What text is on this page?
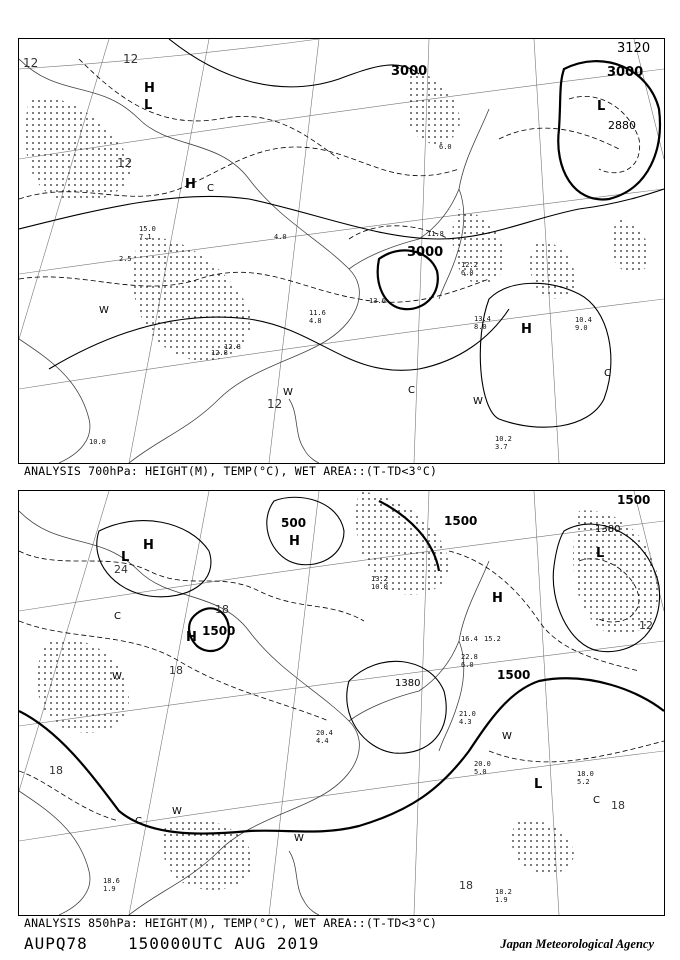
3000	3000
3120
2880
3000
12	12
12
12
H
H
L	L
H
W
W
W
C
C
C
10.0
2.5
4.0
6.0
12.8
11.8
13.6
10.4
9.0
10.2
3.7
12.2
6.0
13.4
8.0
15.0
7.1
11.6
4.8
12.8
ANALYSIS 700hPa: HEIGHT(M), TEMP(°C), WET AREA::(T-TD<3°C)
1500
1500
1500
500
1500
1380
1380
24
18
18
18
12
18
18
H
L
H
H
L
H
L
W
W
W
W
C
C
C
20.4
4.4
21.0
4.3
20.0
5.0	18.0
5.2
18.2
1.9
16.4 15.2
22.8
6.0
13.2
10.0
18.6
1.9
ANALYSIS 850hPa: HEIGHT(M), TEMP(°C), WET AREA::(T-TD<3°C)
AUPQ78	150000UTC AUG 2019	Japan Meteorological Agency
